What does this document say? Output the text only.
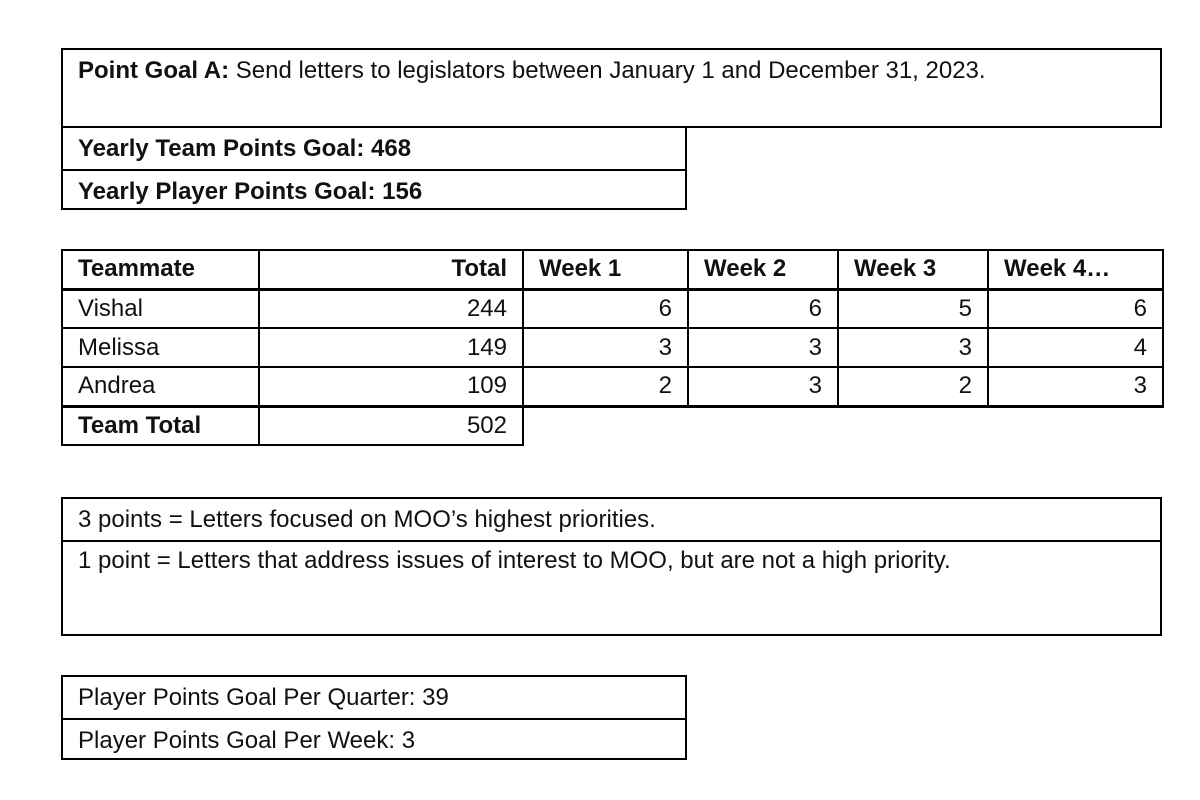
Point Goal A: Send letters to legislators between January 1 and December 31, 2023.
Yearly Team Points Goal: 468
Yearly Player Points Goal: 156
Teammate	Total	Week 1	Week 2	Week 3	Week 4…
Vishal	244	6	6	5	6
Melissa	149	3	3	3	4
Andrea	109	2	3	2	3
Team Total	502				
3 points = Letters focused on MOO’s highest priorities.
1 point = Letters that address issues of interest to MOO, but are not a high priority.
Player Points Goal Per Quarter: 39
Player Points Goal Per Week: 3
